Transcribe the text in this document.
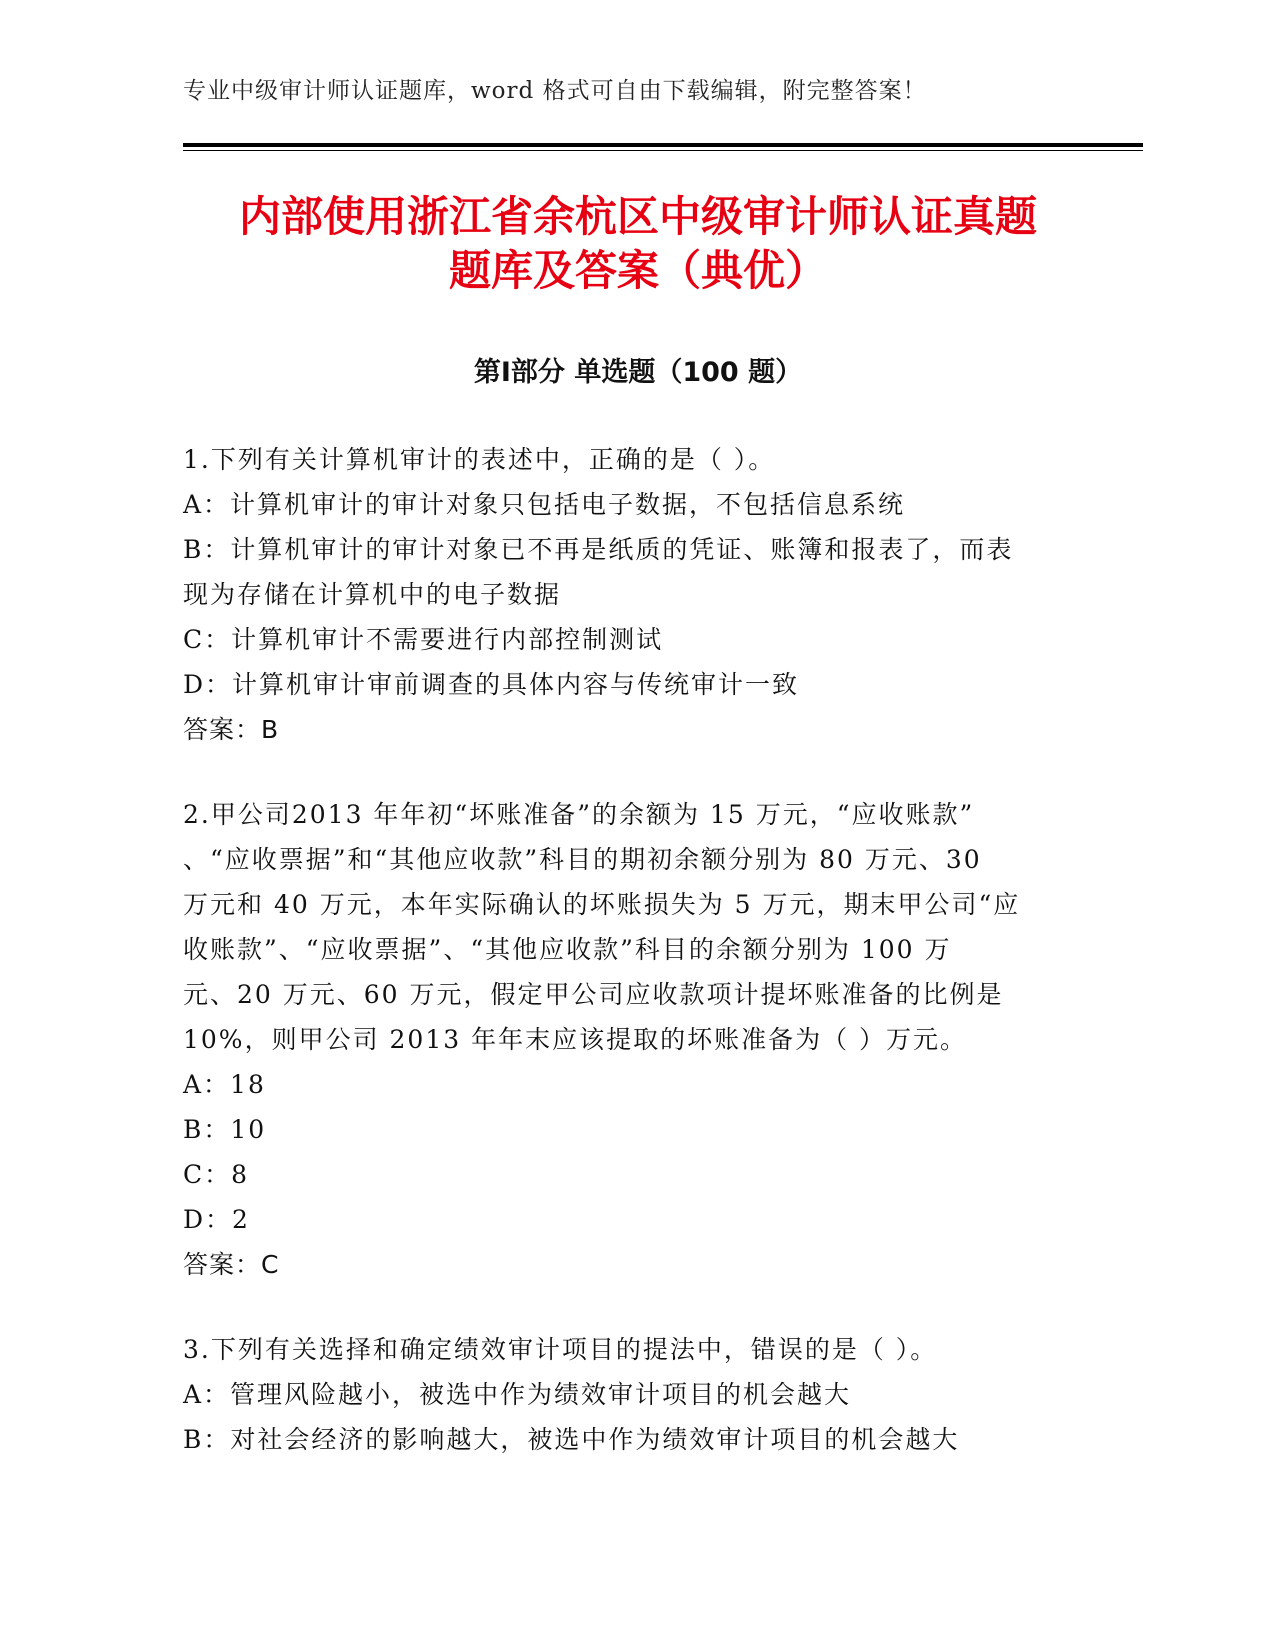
专业中级审计师认证题库，word 格式可自由下载编辑，附完整答案！
内部使用浙江省余杭区中级审计师认证真题
题库及答案（典优）
第Ⅰ部分 单选题（100 题）
1.下列有关计算机审计的表述中，正确的是（ ）。
A：计算机审计的审计对象只包括电子数据，不包括信息系统
B：计算机审计的审计对象已不再是纸质的凭证、账簿和报表了，而表
现为存储在计算机中的电子数据
C：计算机审计不需要进行内部控制测试
D：计算机审计审前调查的具体内容与传统审计一致
答案：B
2.甲公司2013 年年初“坏账准备”的余额为 15 万元，“应收账款”
、“应收票据”和“其他应收款”科目的期初余额分别为 80 万元、30
万元和 40 万元，本年实际确认的坏账损失为 5 万元，期末甲公司“应
收账款”、“应收票据”、“其他应收款”科目的余额分别为 100 万
元、20 万元、60 万元，假定甲公司应收款项计提坏账准备的比例是
10%，则甲公司 2013 年年末应该提取的坏账准备为（ ）万元。
A：18
B：10
C：8
D：2
答案：C
3.下列有关选择和确定绩效审计项目的提法中，错误的是（ ）。
A：管理风险越小，被选中作为绩效审计项目的机会越大
B：对社会经济的影响越大，被选中作为绩效审计项目的机会越大
